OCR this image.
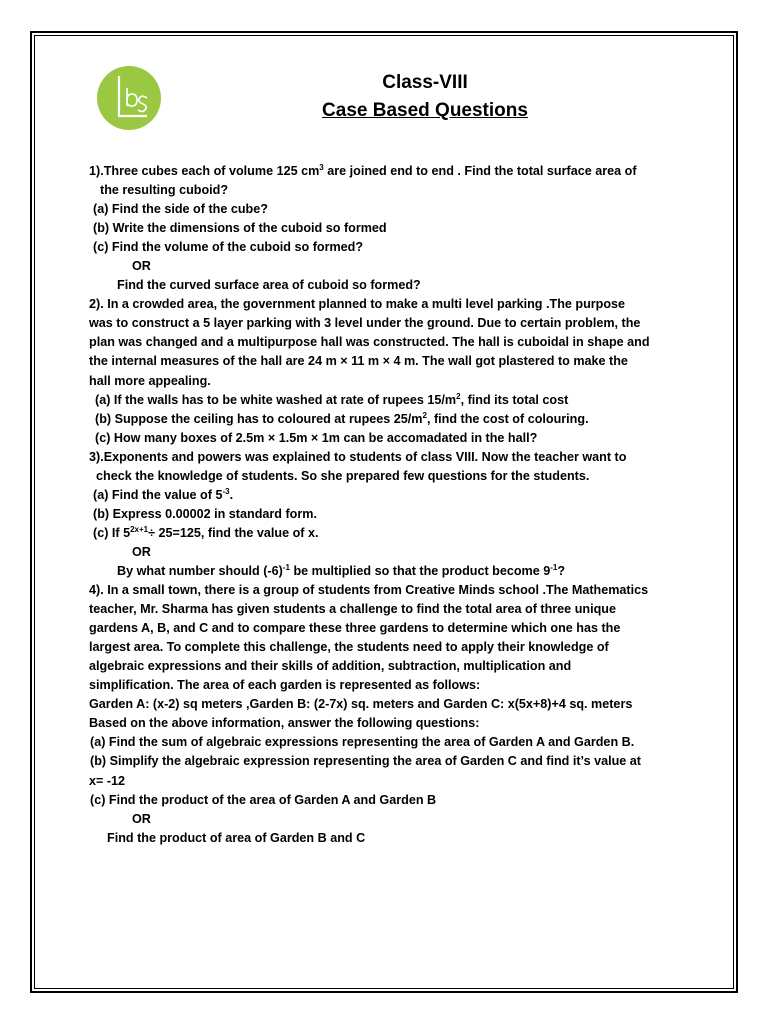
Class-VIII
Case Based Questions
1).Three cubes each of volume 125 $cm^3$ are joined end to end . Find the total surface area of
the resulting cuboid?
(a) Find the side of the cube?
(b) Write the dimensions of the cuboid so formed
(c) Find the volume of the cuboid so formed?
OR
Find the curved surface area of cuboid so formed?
2). In a crowded area, the government planned to make a multi level parking .The purpose
was to construct a 5 layer parking with 3 level under the ground. Due to certain problem, the
plan was changed and a multipurpose hall was constructed. The hall is cuboidal in shape and
the internal measures of the hall are 24 m × 11 m × 4 m. The wall got plastered to make the
hall more appealing.
(a) If the walls has to be white washed at rate of rupees $15/m^2$, find its total cost
(b) Suppose the ceiling has to coloured at rupees $25/m^2$, find the cost of colouring.
(c) How many boxes of 2.5m × 1.5m × 1m can be accomadated in the hall?
3).Exponents and powers was explained to students of class VIII. Now the teacher want to
check the knowledge of students. So she prepared few questions for the students.
(a) Find the value of $5^{-3}$.
(b) Express 0.00002 in standard form.
(c) If $5^{2x+1}\div 25=125$, find the value of x.
OR
By what number should $(-6)^{-1}$ be multiplied so that the product become $9^{-1}$?
4). In a small town, there is a group of students from Creative Minds school .The Mathematics
teacher, Mr. Sharma has given students a challenge to find the total area of three unique
gardens A, B, and C and to compare these three gardens to determine which one has the
largest area. To complete this challenge, the students need to apply their knowledge of
algebraic expressions and their skills of addition, subtraction, multiplication and
simplification. The area of each garden is represented as follows:
Garden A: (x-2) sq meters ,Garden B: (2-7x) sq. meters and Garden C: x(5x+8)+4 sq. meters
Based on the above information, answer the following questions:
(a) Find the sum of algebraic expressions representing the area of Garden A and Garden B.
(b) Simplify the algebraic expression representing the area of Garden C and find it’s value at
x= -12
(c) Find the product of the area of Garden A and Garden B
OR
Find the product of area of Garden B and C
